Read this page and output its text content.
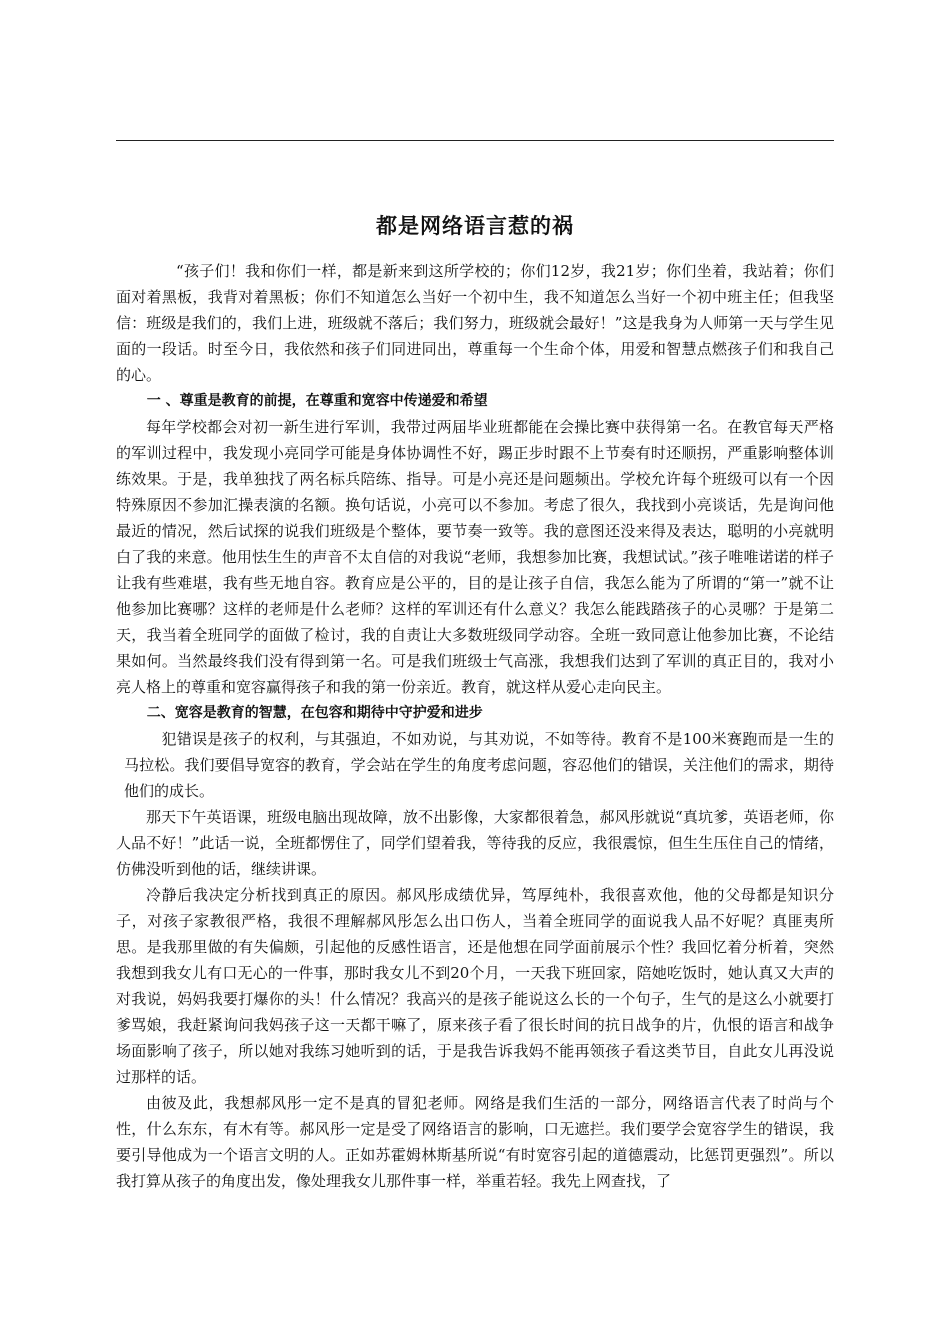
都是网络语言惹的祸

“孩子们！我和你们一样，都是新来到这所学校的；你们12岁，我21岁；你们坐着，我站着；你们面对着黑板，我背对着黑板；你们不知道怎么当好一个初中生，我不知道怎么当好一个初中班主任；但我坚信：班级是我们的，我们上进，班级就不落后；我们努力，班级就会最好！”这是我身为人师第一天与学生见面的一段话。时至今日，我依然和孩子们同进同出，尊重每一个生命个体，用爱和智慧点燃孩子们和我自己的心。

一 、尊重是教育的前提，在尊重和宽容中传递爱和希望

每年学校都会对初一新生进行军训，我带过两届毕业班都能在会操比赛中获得第一名。在教官每天严格的军训过程中，我发现小亮同学可能是身体协调性不好，踢正步时跟不上节奏有时还顺拐，严重影响整体训练效果。于是，我单独找了两名标兵陪练、指导。可是小亮还是问题频出。学校允许每个班级可以有一个因特殊原因不参加汇操表演的名额。换句话说，小亮可以不参加。考虑了很久，我找到小亮谈话，先是询问他最近的情况，然后试探的说我们班级是个整体，要节奏一致等。我的意图还没来得及表达，聪明的小亮就明白了我的来意。他用怯生生的声音不太自信的对我说“老师，我想参加比赛，我想试试。”孩子唯唯诺诺的样子让我有些难堪，我有些无地自容。教育应是公平的，目的是让孩子自信，我怎么能为了所谓的“第一”就不让他参加比赛哪？这样的老师是什么老师？这样的军训还有什么意义？我怎么能践踏孩子的心灵哪？于是第二天，我当着全班同学的面做了检讨，我的自责让大多数班级同学动容。全班一致同意让他参加比赛，不论结果如何。当然最终我们没有得到第一名。可是我们班级士气高涨，我想我们达到了军训的真正目的，我对小亮人格上的尊重和宽容赢得孩子和我的第一份亲近。教育，就这样从爱心走向民主。

二、宽容是教育的智慧，在包容和期待中守护爱和进步

犯错误是孩子的权利，与其强迫，不如劝说，与其劝说，不如等待。教育不是100米赛跑而是一生的马拉松。我们要倡导宽容的教育，学会站在学生的角度考虑问题，容忍他们的错误，关注他们的需求，期待他们的成长。

那天下午英语课，班级电脑出现故障，放不出影像，大家都很着急，郝风彤就说“真坑爹，英语老师，你人品不好！”此话一说，全班都愣住了，同学们望着我，等待我的反应，我很震惊，但生生压住自己的情绪，仿佛没听到他的话，继续讲课。

冷静后我决定分析找到真正的原因。郝风彤成绩优异，笃厚纯朴，我很喜欢他，他的父母都是知识分子，对孩子家教很严格，我很不理解郝风彤怎么出口伤人，当着全班同学的面说我人品不好呢？真匪夷所思。是我那里做的有失偏颇，引起他的反感性语言，还是他想在同学面前展示个性？我回忆着分析着，突然我想到我女儿有口无心的一件事，那时我女儿不到20个月，一天我下班回家，陪她吃饭时，她认真又大声的对我说，妈妈我要打爆你的头！什么情况？我高兴的是孩子能说这么长的一个句子，生气的是这么小就要打爹骂娘，我赶紧询问我妈孩子这一天都干嘛了，原来孩子看了很长时间的抗日战争的片，仇恨的语言和战争场面影响了孩子，所以她对我练习她听到的话，于是我告诉我妈不能再领孩子看这类节目，自此女儿再没说过那样的话。

由彼及此，我想郝风彤一定不是真的冒犯老师。网络是我们生活的一部分，网络语言代表了时尚与个性，什么东东，有木有等。郝风彤一定是受了网络语言的影响，口无遮拦。我们要学会宽容学生的错误，我要引导他成为一个语言文明的人。正如苏霍姆林斯基所说“有时宽容引起的道德震动，比惩罚更强烈”。所以我打算从孩子的角度出发，像处理我女儿那件事一样，举重若轻。我先上网查找，了
